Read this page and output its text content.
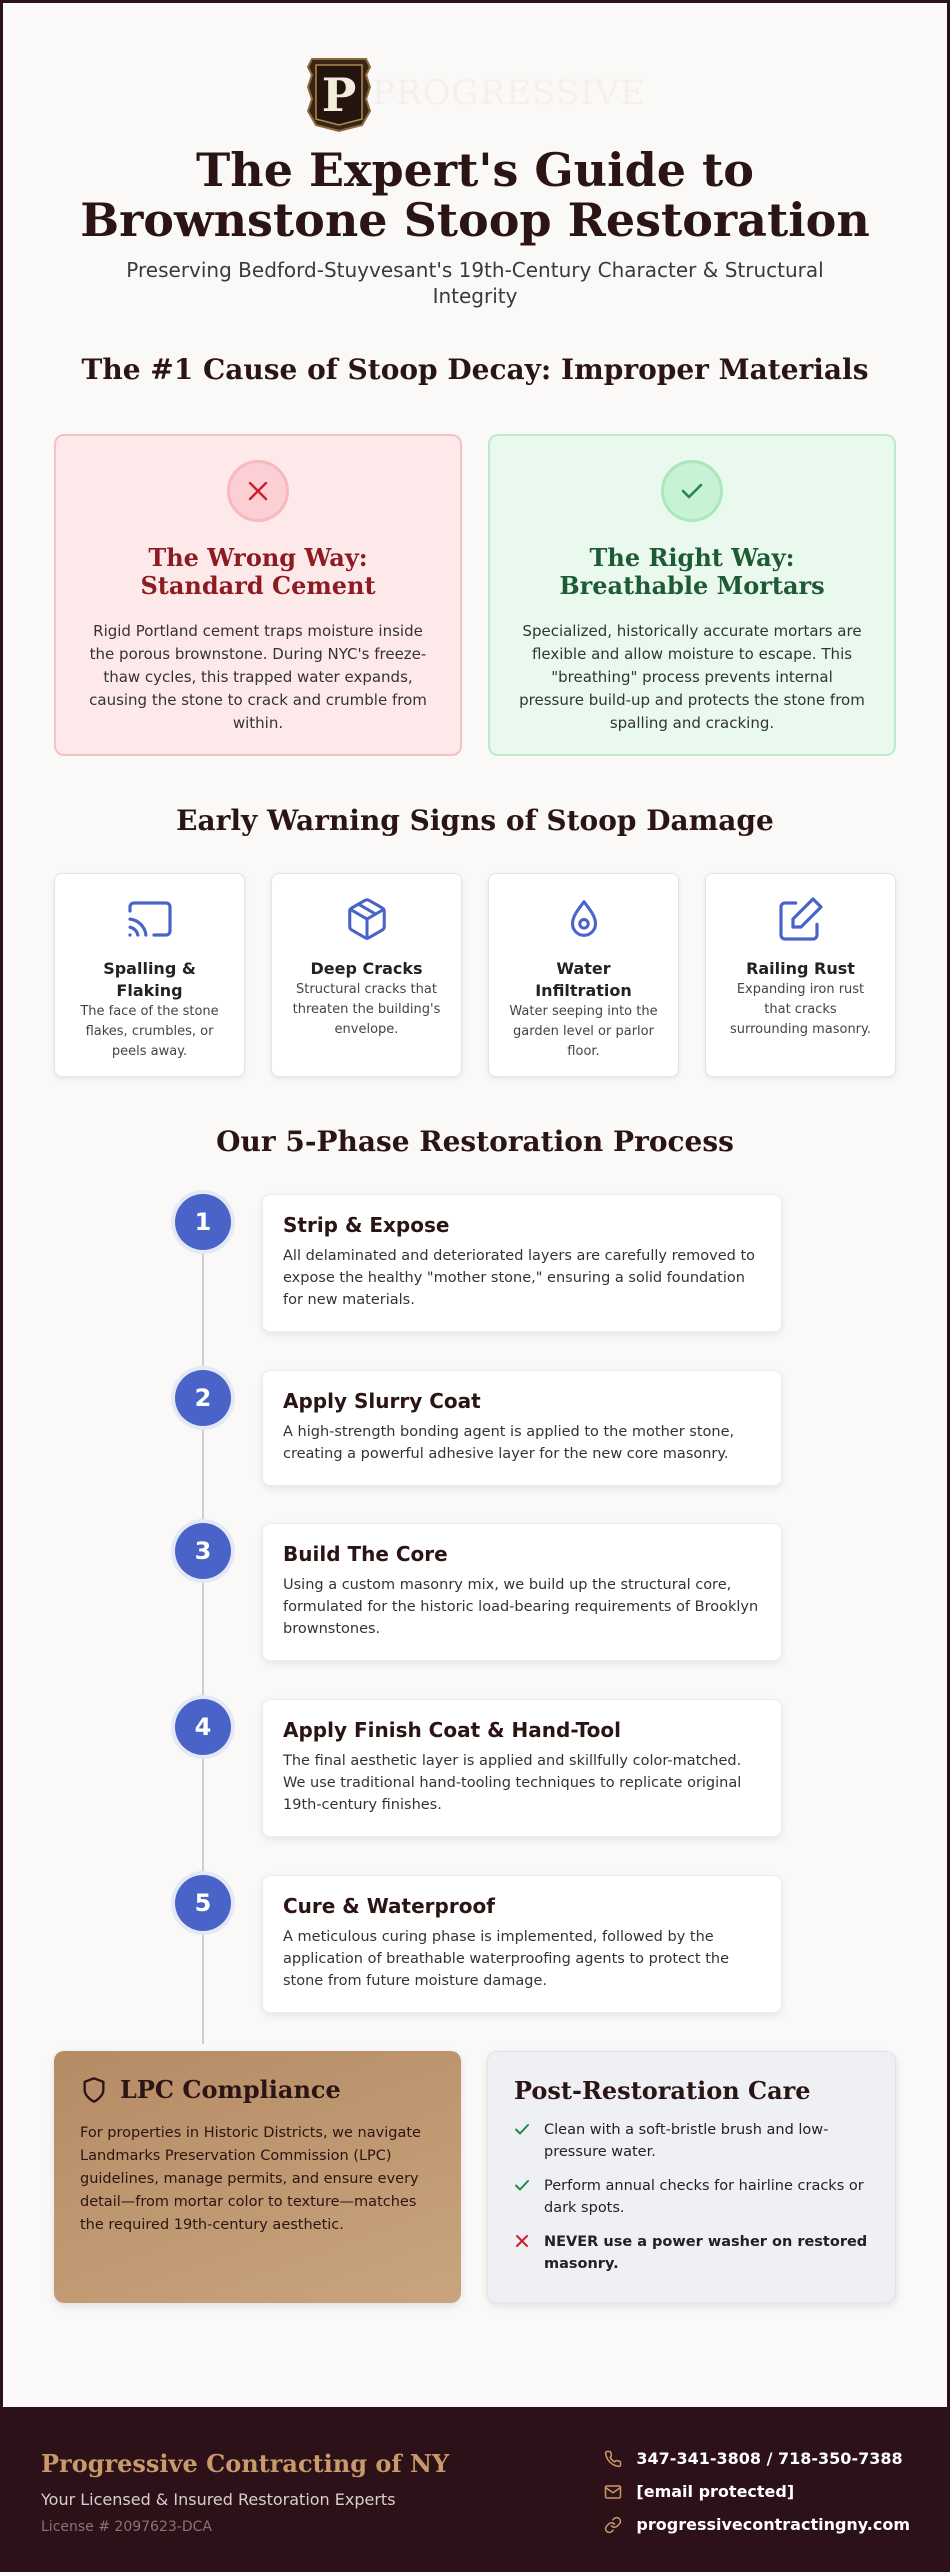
P PROGRESSIVE
The Expert's Guide to Brownstone Stoop Restoration

Preserving Bedford-Stuyvesant's 19th-Century Character & Structural Integrity

The #1 Cause of Stoop Decay: Improper Materials
The Wrong Way: Standard Cement

Rigid Portland cement traps moisture inside the porous brownstone. During NYC's freeze-thaw cycles, this trapped water expands, causing the stone to crack and crumble from within.

The Right Way: Breathable Mortars

Specialized, historically accurate mortars are flexible and allow moisture to escape. This "breathing" process prevents internal pressure build-up and protects the stone from spalling and cracking.

Early Warning Signs of Stoop Damage
Spalling & Flaking
The face of the stone flakes, crumbles, or peels away.
Deep Cracks
Structural cracks that threaten the building's envelope.
Water Infiltration
Water seeping into the garden level or parlor floor.
Railing Rust
Expanding iron rust that cracks surrounding masonry.
Our 5-Phase Restoration Process
1	Strip & Expose
All delaminated and deteriorated layers are carefully removed to expose the healthy "mother stone," ensuring a solid foundation for new materials.
2	Apply Slurry Coat
A high-strength bonding agent is applied to the mother stone, creating a powerful adhesive layer for the new core masonry.
3	Build The Core
Using a custom masonry mix, we build up the structural core, formulated for the historic load-bearing requirements of Brooklyn brownstones.
4	Apply Finish Coat & Hand-Tool
The final aesthetic layer is applied and skillfully color-matched. We use traditional hand-tooling techniques to replicate original 19th-century finishes.
5	Cure & Waterproof
A meticulous curing phase is implemented, followed by the application of breathable waterproofing agents to protect the stone from future moisture damage.
LPC Compliance

For properties in Historic Districts, we navigate Landmarks Preservation Commission (LPC) guidelines, manage permits, and ensure every detail—from mortar color to texture—matches the required 19th-century aesthetic.

Post-Restoration Care
Clean with a soft-bristle brush and low-pressure water.
Perform annual checks for hairline cracks or dark spots.
NEVER use a power washer on restored masonry.
Progressive Contracting of NY
Your Licensed & Insured Restoration Experts
License # 2097623-DCA
347-341-3808 / 718-350-7388
[email protected]
progressivecontractingny.com
